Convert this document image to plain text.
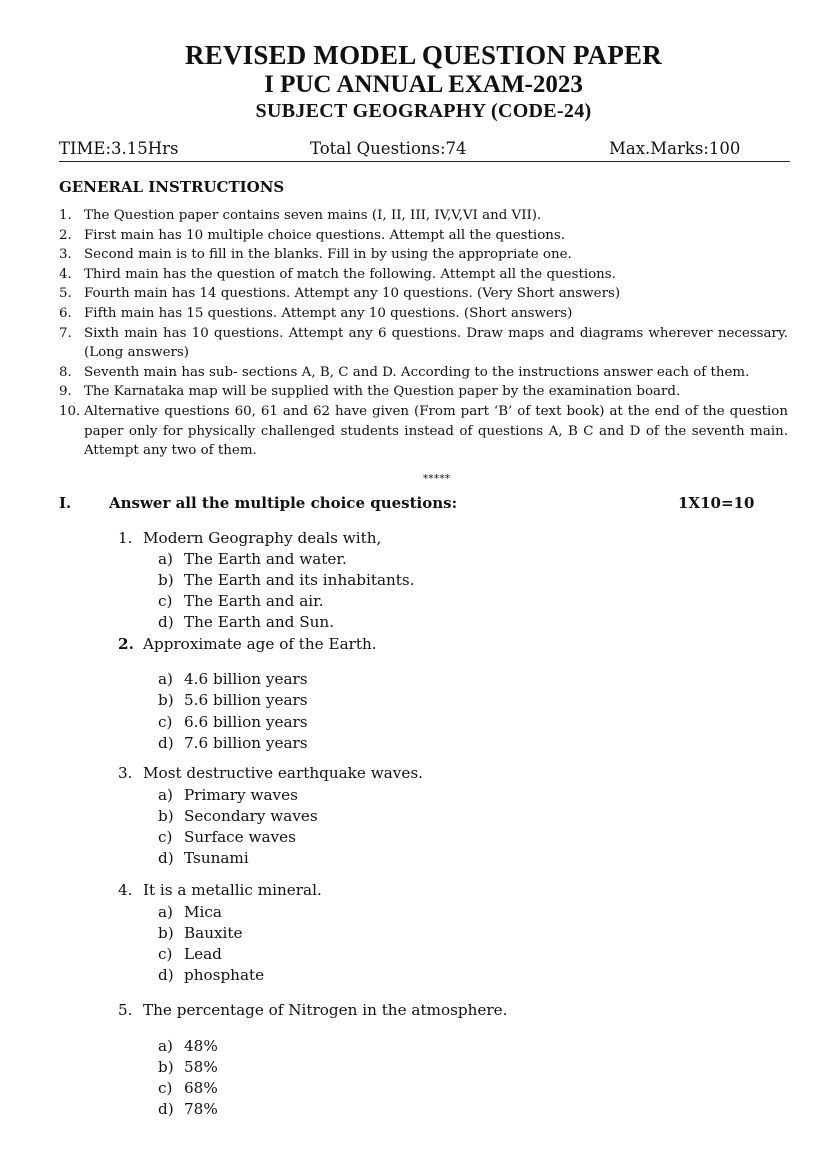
REVISED MODEL QUESTION PAPER
I PUC ANNUAL EXAM-2023
SUBJECT GEOGRAPHY (CODE-24)
TIME:3.15Hrs	Total Questions:74	Max.Marks:100
GENERAL INSTRUCTIONS
1. The Question paper contains seven mains (I, II, III, IV,V,VI and VII).
2. First main has 10 multiple choice questions. Attempt all the questions.
3. Second main is to fill in the blanks. Fill in by using the appropriate one.
4. Third main has the question of match the following. Attempt all the questions.
5. Fourth main has 14 questions. Attempt any 10 questions. (Very Short answers)
6. Fifth main has 15 questions. Attempt any 10 questions. (Short answers)
7. Sixth main has 10 questions. Attempt any 6 questions. Draw maps and diagrams wherever necessary. (Long answers)
8. Seventh main has sub- sections A, B, C and D. According to the instructions answer each of them.
9. The Karnataka map will be supplied with the Question paper by the examination board.
10. Alternative questions 60, 61 and 62 have given (From part ‘B’ of text book) at the end of the question paper only for physically challenged students instead of questions A, B C and D of the seventh main. Attempt any two of them.
*****
I.	Answer all the multiple choice questions:	1X10=10
1. Modern Geography deals with,
a) The Earth and water.
b) The Earth and its inhabitants.
c) The Earth and air.
d) The Earth and Sun.
2. Approximate age of the Earth.
a) 4.6 billion years
b) 5.6 billion years
c) 6.6 billion years
d) 7.6 billion years
3. Most destructive earthquake waves.
a) Primary waves
b) Secondary waves
c) Surface waves
d) Tsunami
4. It is a metallic mineral.
a) Mica
b) Bauxite
c) Lead
d) phosphate
5. The percentage of Nitrogen in the atmosphere.
a) 48%
b) 58%
c) 68%
d) 78%
